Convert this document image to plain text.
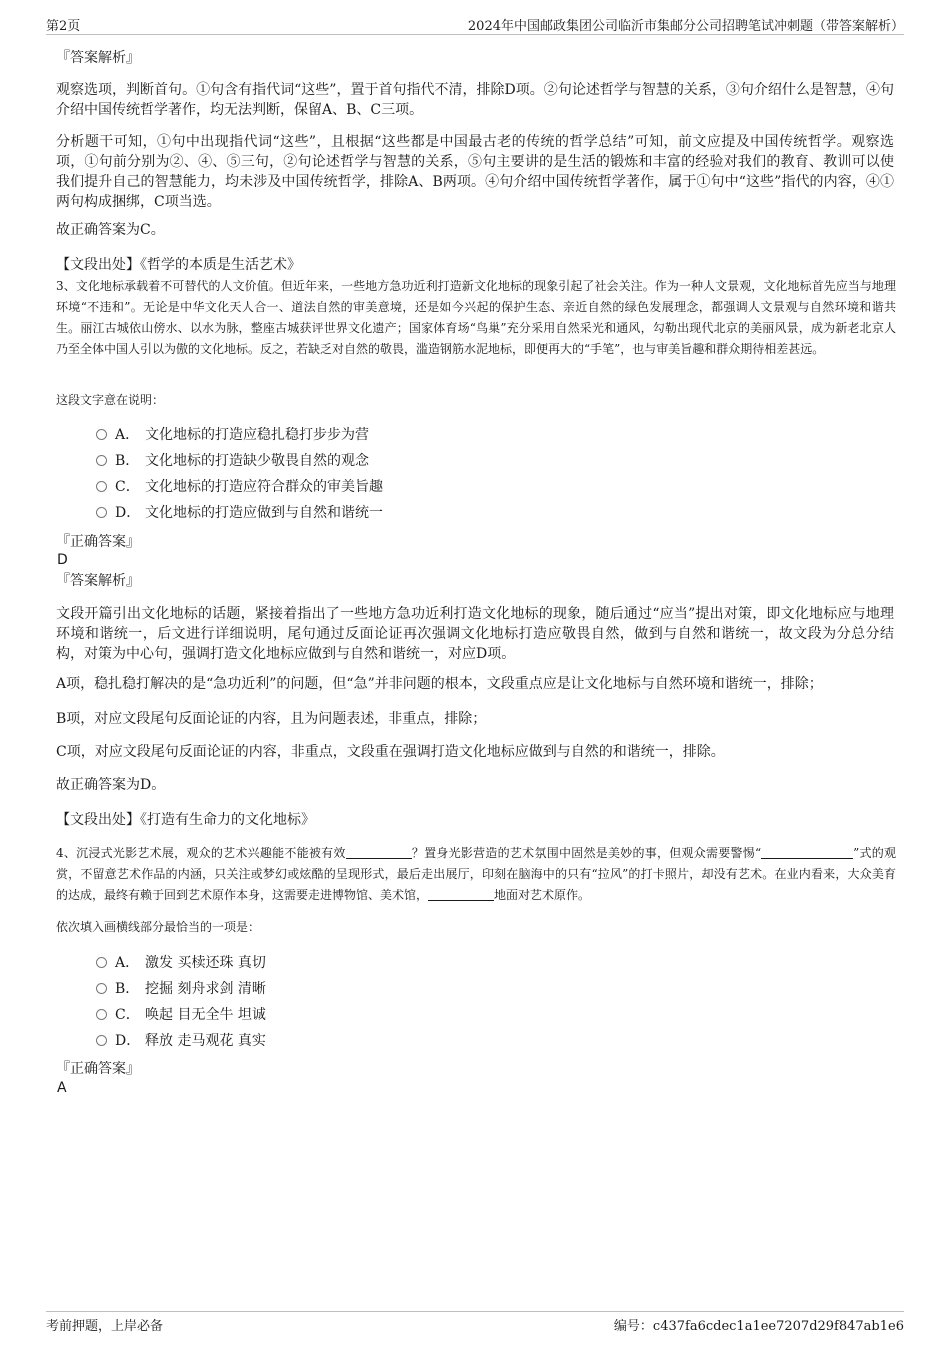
第2页	2024年中国邮政集团公司临沂市集邮分公司招聘笔试冲刺题（带答案解析）
『答案解析』
观察选项，判断首句。①句含有指代词“这些”，置于首句指代不清，排除D项。②句论述哲学与智慧的关系，③句介绍什么是智慧，④句介绍中国传统哲学著作，均无法判断，保留A、B、C三项。
分析题干可知，①句中出现指代词“这些”，且根据“这些都是中国最古老的传统的哲学总结”可知，前文应提及中国传统哲学。观察选项，①句前分别为②、④、⑤三句，②句论述哲学与智慧的关系，⑤句主要讲的是生活的锻炼和丰富的经验对我们的教育、教训可以使我们提升自己的智慧能力，均未涉及中国传统哲学，排除A、B两项。④句介绍中国传统哲学著作，属于①句中“这些”指代的内容，④①两句构成捆绑，C项当选。
故正确答案为C。
【文段出处】《哲学的本质是生活艺术》
3、文化地标承载着不可替代的人文价值。但近年来，一些地方急功近利打造新文化地标的现象引起了社会关注。作为一种人文景观，文化地标首先应当与地理环境“不违和”。无论是中华文化天人合一、道法自然的审美意境，还是如今兴起的保护生态、亲近自然的绿色发展理念，都强调人文景观与自然环境和谐共生。丽江古城依山傍水、以水为脉，整座古城获评世界文化遗产；国家体育场“鸟巢”充分采用自然采光和通风，勾勒出现代北京的美丽风景，成为新老北京人乃至全体中国人引以为傲的文化地标。反之，若缺乏对自然的敬畏，滥造钢筋水泥地标，即便再大的“手笔”，也与审美旨趣和群众期待相差甚远。
这段文字意在说明：
A． 文化地标的打造应稳扎稳打步步为营
B． 文化地标的打造缺少敬畏自然的观念
C． 文化地标的打造应符合群众的审美旨趣
D． 文化地标的打造应做到与自然和谐统一
『正确答案』
D
『答案解析』
文段开篇引出文化地标的话题，紧接着指出了一些地方急功近利打造文化地标的现象，随后通过“应当”提出对策，即文化地标应与地理环境和谐统一，后文进行详细说明，尾句通过反面论证再次强调文化地标打造应敬畏自然，做到与自然和谐统一，故文段为分总分结构，对策为中心句，强调打造文化地标应做到与自然和谐统一，对应D项。
A项，稳扎稳打解决的是“急功近利”的问题，但“急”并非问题的根本，文段重点应是让文化地标与自然环境和谐统一，排除；
B项，对应文段尾句反面论证的内容，且为问题表述，非重点，排除；
C项，对应文段尾句反面论证的内容，非重点，文段重在强调打造文化地标应做到与自然的和谐统一，排除。
故正确答案为D。
【文段出处】《打造有生命力的文化地标》
4、沉浸式光影艺术展，观众的艺术兴趣能不能被有效	？置身光影营造的艺术氛围中固然是美妙的事，但观众需要警惕“	”式的观赏，不留意艺术作品的内涵，只关注或梦幻或炫酷的呈现形式，最后走出展厅，印刻在脑海中的只有“拉风”的打卡照片，却没有艺术。在业内看来，大众美育的达成，最终有赖于回到艺术原作本身，这需要走进博物馆、美术馆，	地面对艺术原作。
依次填入画横线部分最恰当的一项是：
A． 激发 买椟还珠 真切
B． 挖掘 刻舟求剑 清晰
C． 唤起 目无全牛 坦诚
D． 释放 走马观花 真实
『正确答案』
A
考前押题，上岸必备	编号：c437fa6cdec1a1ee7207d29f847ab1e6
